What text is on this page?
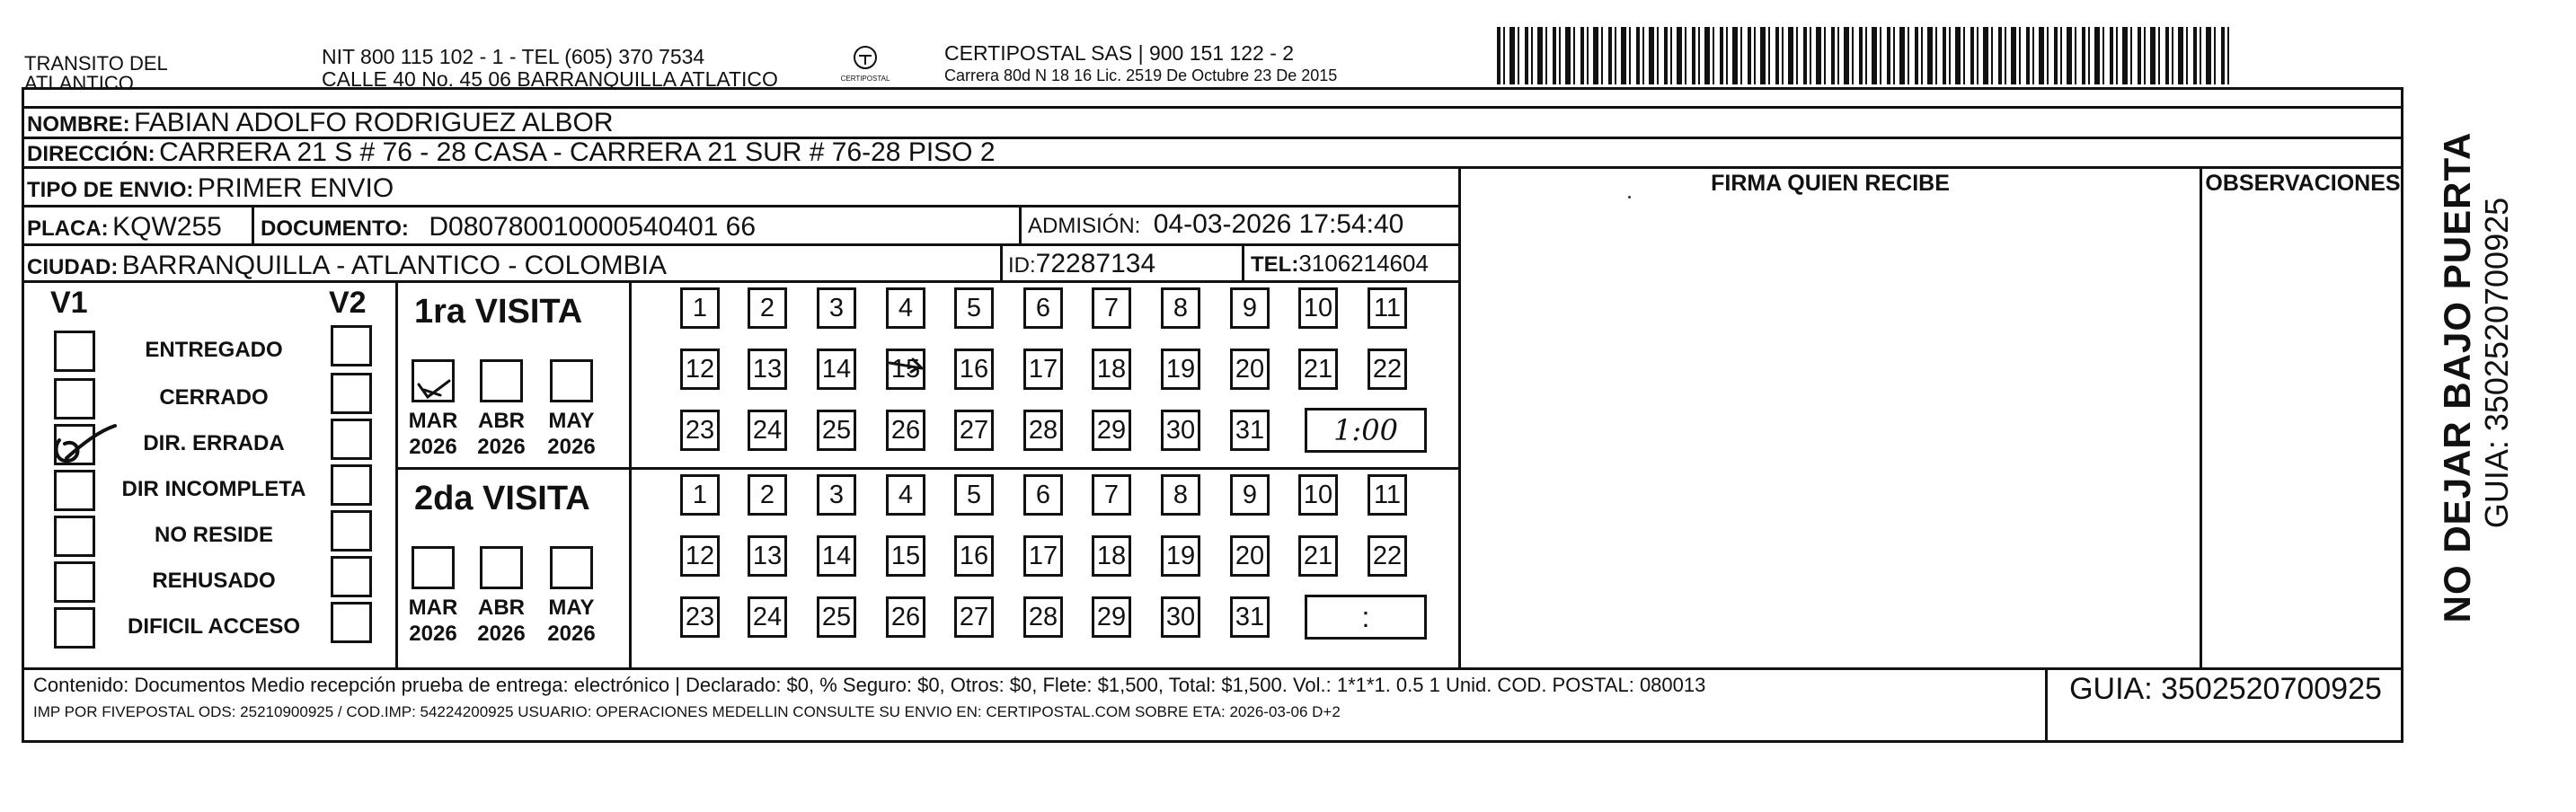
TRANSITO DEL
ATLANTICO
NIT 800 115 102 - 1 - TEL (605) 370 7534
CALLE 40 No. 45 06 BARRANQUILLA ATLATICO	CERTIPOSTAL
CERTIPOSTAL SAS | 900 151 122 - 2
Carrera 80d N 18 16 Lic. 2519 De Octubre 23 De 2015
NOMBRE: FABIAN ADOLFO RODRIGUEZ ALBOR
DIRECCIÓN: CARRERA 21 S # 76 - 28 CASA - CARRERA 21 SUR # 76-28 PISO 2
TIPO DE ENVIO: PRIMER ENVIO
PLACA: KQW255 DOCUMENTO: D080780010000540401 66	ADMISIÓN: 04-03-2026 17:54:40
CIUDAD: BARRANQUILLA - ATLANTICO - COLOMBIA	ID:72287134	TEL:3106214604
FIRMA QUIEN RECIBE	OBSERVACIONES
V1	V2
ENTREGADO
CERRADO
DIR. ERRADA
DIR INCOMPLETA
NO RESIDE
REHUSADO
DIFICIL ACCESO
1ra VISITA
MAR
2026
ABR
2026
MAY
2026
1	2	3	4	5	6	7	8	9	10 11
12 13 14 15 16 17 18 19 20 21 22
23 24 25 26 27 28 29 30 31 1:00
2da VISITA
MAR
2026
ABR
2026
MAY
2026
1	2	3	4	5	6	7	8	9	10 11
12 13 14 15 16 17 18 19 20 21 22
23 24 25 26 27 28 29 30 31	:
Contenido: Documentos Medio recepción prueba de entrega: electrónico | Declarado: $0, % Seguro: $0, Otros: $0, Flete: $1,500, Total: $1,500. Vol.: 1*1*1. 0.5 1 Unid. COD. POSTAL: 080013
IMP POR FIVEPOSTAL ODS: 25210900925 / COD.IMP: 54224200925 USUARIO: OPERACIONES MEDELLIN CONSULTE SU ENVIO EN: CERTIPOSTAL.COM SOBRE ETA: 2026-03-06 D+2
GUIA: 3502520700925
NO DEJAR BAJO PUERTA GUIA: 3502520700925
